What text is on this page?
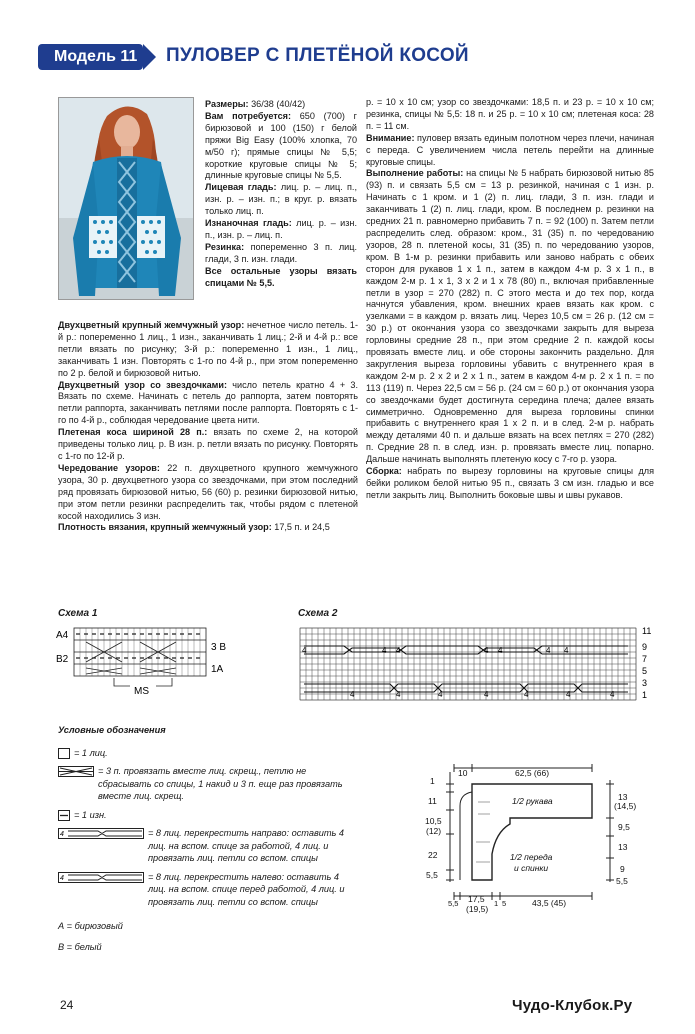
Модель 11 ПУЛОВЕР С ПЛЕТЁНОЙ КОСОЙ

Размеры: 36/38 (40/42)

Вам потребуется: 650 (700) г бирюзовой и 100 (150) г белой пряжи Big Easy (100% хлопка, 70 м/50 г); прямые спицы № 5,5; короткие круговые спицы № 5; длинные круговые спицы № 5,5.

Лицевая гладь: лиц. р. – лиц. п., изн. р. – изн. п.; в круг. р. вязать только лиц. п.

Изнаночная гладь: лиц. р. – изн. п., изн. р. – лиц. п.

Резинка: попеременно 3 п. лиц. глади, 3 п. изн. глади.

Все остальные узоры вязать спицами № 5,5.

Двухцветный крупный жемчужный узор: нечетное число петель. 1-й р.: попеременно 1 лиц., 1 изн., заканчивать 1 лиц.; 2-й и 4-й р.: все петли вязать по рисунку; 3-й р.: попеременно 1 изн., 1 лиц., заканчивать 1 изн. Повторять с 1-го по 4-й р., при этом попеременно по 2 р. белой и бирюзовой нитью.

Двухцветный узор со звездочками: число петель кратно 4 + 3. Вязать по схеме. Начинать с петель до раппорта, затем повторять петли раппорта, заканчивать петлями после раппорта. Повторять с 1-го по 4-й р., соблюдая чередование цвета нити.

Плетеная коса шириной 28 п.: вязать по схеме 2, на которой приведены только лиц. р. В изн. р. петли вязать по рисунку. Повторять с 1-го по 12-й р.

Чередование узоров: 22 п. двухцветного крупного жемчужного узора, 30 р. двухцветного узора со звездочками, при этом последний ряд провязать бирюзовой нитью, 56 (60) р. резинки бирюзовой нитью, при этом петли резинки распределить так, чтобы рядом с плетеной косой находились 3 изн.

Плотность вязания, крупный жемчужный узор: 17,5 п. и 24,5

р. = 10 х 10 см; узор со звездочками: 18,5 п. и 23 р. = 10 х 10 см; резинка, спицы № 5,5: 18 п. и 25 р. = 10 х 10 см; плетеная коса: 28 п. = 11 см.

Внимание: пуловер вязать единым полотном через плечи, начиная с переда. С увеличением числа петель перейти на длинные круговые спицы.

Выполнение работы: на спицы № 5 набрать бирюзовой нитью 85 (93) п. и связать 5,5 см = 13 р. резинкой, начиная с 1 изн. р. Начинать с 1 кром. и 1 (2) п. лиц. глади, 3 п. изн. глади и заканчивать 1 (2) п. лиц. глади, кром. В последнем р. резинки на средних 21 п. равномерно прибавить 7 п. = 92 (100) п. Затем петли распределить след. образом: кром., 31 (35) п. по чередованию узоров, 28 п. плетеной косы, 31 (35) п. по чередованию узоров, кром. В 1-м р. резинки прибавить или заново набрать с обеих сторон для рукавов 1 х 1 п., затем в каждом 4-м р. 3 х 1 п., в каждом 2-м р. 1 х 1, 3 х 2 и 1 х 78 (80) п., включая прибавленные петли в узор = 270 (282) п. С этого места и до тех пор, когда начнутся убавления, кром. внешних краев вязать как кром. с узелками = в каждом р. вязать лиц. Через 10,5 см = 26 р. (12 см = 30 р.) от окончания узора со звездочками закрыть для выреза горловины средние 28 п., при этом средние 2 п. каждой косы провязать вместе лиц. и обе стороны закончить раздельно. Для закругления выреза горловины убавить с внутреннего края в каждом 2-м р. 2 х 2 и 2 х 1 п., затем в каждом 4-м р. 2 х 1 п. = по 113 (119) п. Через 22,5 см = 56 р. (24 см = 60 р.) от окончания узора со звездочками будет достигнута середина плеча; далее вязать симметрично. Одновременно для выреза горловины спинки прибавить с внутреннего края 1 х 2 п. и в след. 2-м р. набрать между деталями 40 п. и дальше вязать на всех петлях = 270 (282) п. Средние 28 п. в след. изн. р. провязать вместе лиц. попарно. Дальше начинать выполнять плетеную косу с 7-го р. узора.

Сборка: набрать по вырезу горловины на круговые спицы для бейки роликом белой нитью 95 п., связать 3 см изн. гладью и все петли закрыть лиц. Выполнить боковые швы и швы рукавов.

Схема 1
A4
B2
3 B
1A
MS
Схема 2
4	4 4	4 4	4 4
4	4	4	4	4	4	4
11
9
7
5
3
1
Условные обозначения
= 1 лиц.
= 3 п. провязать вместе лиц. скрещ., петлю не сбрасывать со спицы, 1 накид и 3 п. еще раз провязать вместе лиц. скрещ.
= 1 изн.
4	= 8 лиц. перекрестить направо: оставить 4 лиц. на вспом. спице за работой, 4 лиц. и провязать лиц. петли со вспом. спицы
4	= 8 лиц. перекрестить налево: оставить 4 лиц. на вспом. спице перед работой, 4 лиц. и провязать лиц. петли со вспом. спицы
А = бирюзовый
В = белый
10	62,5 (66)
1
11
10,5
(12)
22
5,5
13
(14,5)
9,5
13
9
5,5
1/2 рукава
1/2 переда
и спинки
5,5 17,5
(19,5)
1 5	43,5 (45)
24	Чудо-Клубок.Ру
